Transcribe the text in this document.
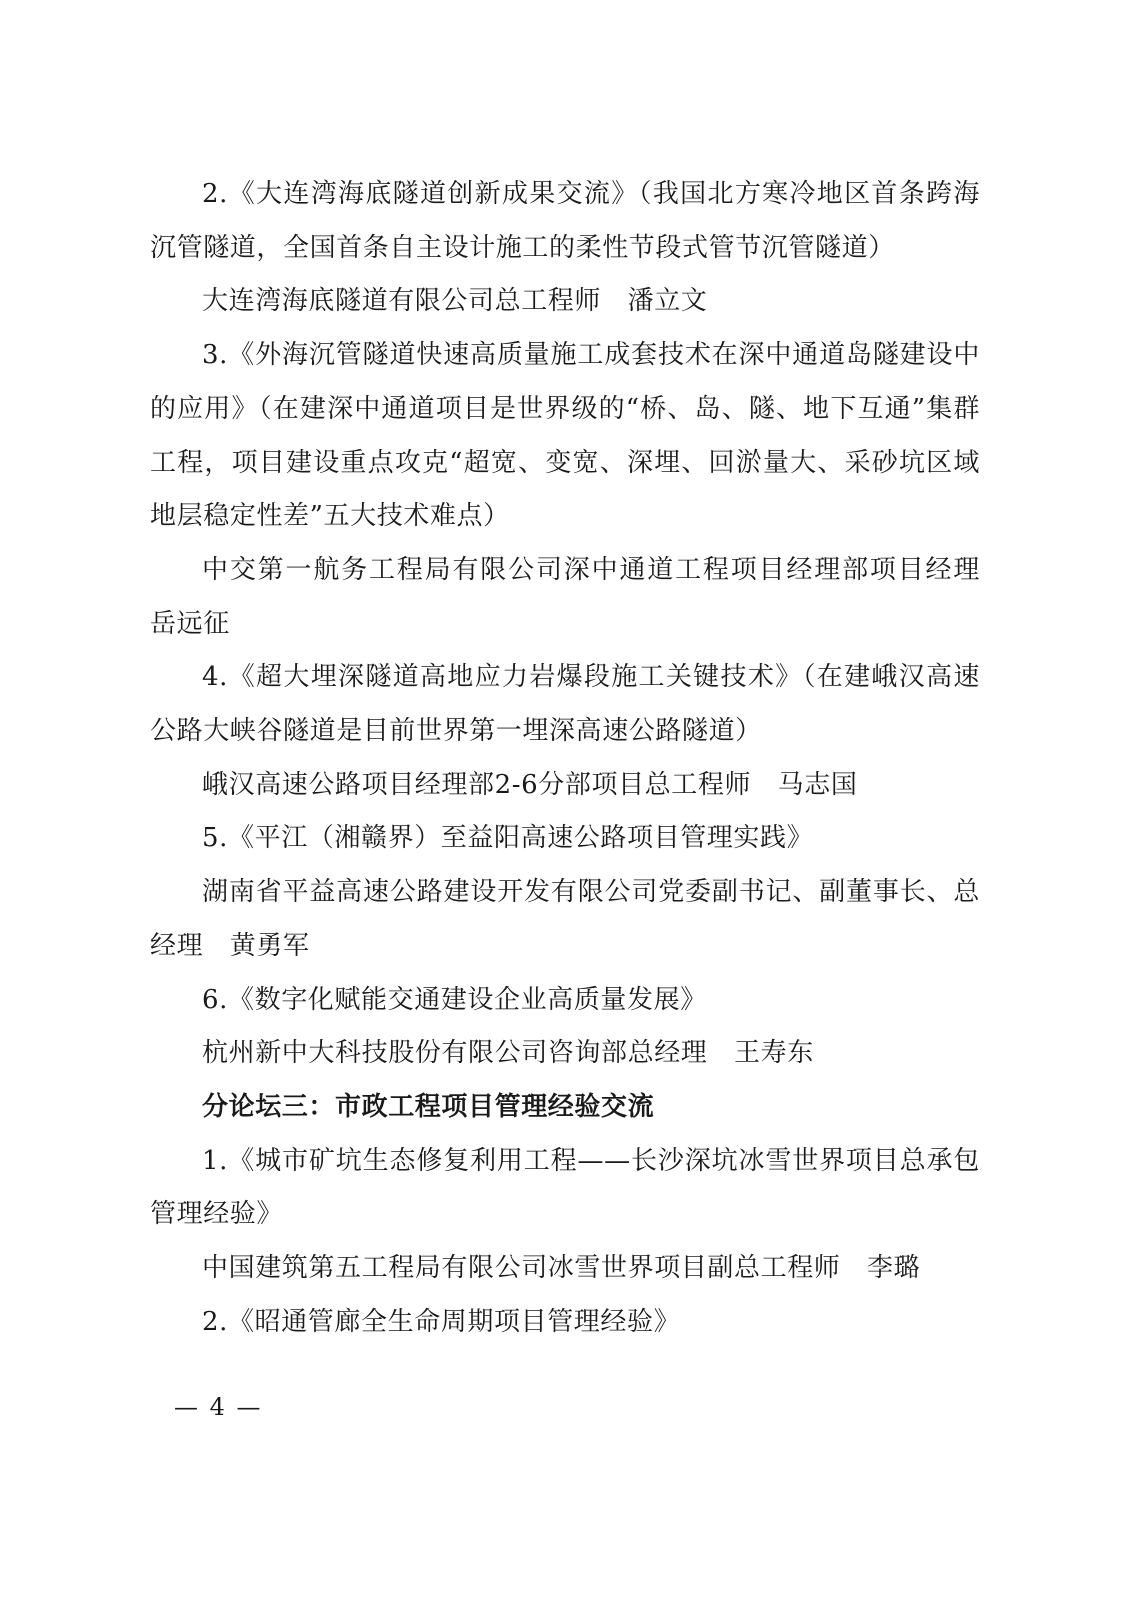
2.《大连湾海底隧道创新成果交流》（我国北方寒冷地区首条跨海沉管隧道，全国首条自主设计施工的柔性节段式管节沉管隧道）

大连湾海底隧道有限公司总工程师　潘立文

3.《外海沉管隧道快速高质量施工成套技术在深中通道岛隧建设中的应用》（在建深中通道项目是世界级的“桥、岛、隧、地下互通”集群工程，项目建设重点攻克“超宽、变宽、深埋、回淤量大、采砂坑区域地层稳定性差”五大技术难点）

中交第一航务工程局有限公司深中通道工程项目经理部项目经理　岳远征

4.《超大埋深隧道高地应力岩爆段施工关键技术》（在建峨汉高速公路大峡谷隧道是目前世界第一埋深高速公路隧道）

峨汉高速公路项目经理部2-6分部项目总工程师　马志国

5.《平江（湘赣界）至益阳高速公路项目管理实践》

湖南省平益高速公路建设开发有限公司党委副书记、副董事长、总经理　黄勇军

6.《数字化赋能交通建设企业高质量发展》

杭州新中大科技股份有限公司咨询部总经理　王寿东

分论坛三：市政工程项目管理经验交流

1.《城市矿坑生态修复利用工程——长沙深坑冰雪世界项目总承包管理经验》

中国建筑第五工程局有限公司冰雪世界项目副总工程师　李璐

2.《昭通管廊全生命周期项目管理经验》

— 4 —
